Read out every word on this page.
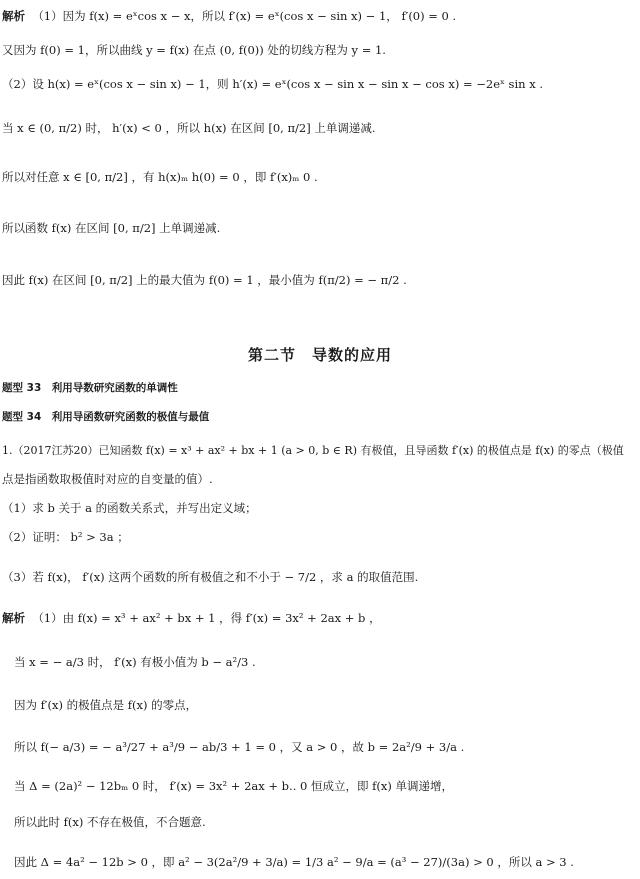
解析 （1）因为 f(x) = eˣcos x − x，所以 f′(x) = eˣ(cos x − sin x) − 1， f′(0) = 0 .
又因为 f(0) = 1，所以曲线 y = f(x) 在点 (0, f(0)) 处的切线方程为 y = 1.
（2）设 h(x) = eˣ(cos x − sin x) − 1，则 h′(x) = eˣ(cos x − sin x − sin x − cos x) = −2eˣ sin x .
当 x ∈ (0, π/2) 时， h′(x) < 0 ，所以 h(x) 在区间 [0, π/2] 上单调递减.
所以对任意 x ∈ [0, π/2] ，有 h(x)ₘ h(0) = 0 ，即 f′(x)ₘ 0 .
所以函数 f(x) 在区间 [0, π/2] 上单调递减.
因此 f(x) 在区间 [0, π/2] 上的最大值为 f(0) = 1 ，最小值为 f(π/2) = − π/2 .
第二节　导数的应用
题型 33　利用导数研究函数的单调性
题型 34　利用导函数研究函数的极值与最值
1.（2017江苏20）已知函数 f(x) = x³ + ax² + bx + 1 (a > 0, b ∈ R) 有极值，且导函数 f′(x) 的极值点是 f(x) 的零点（极值
点是指函数取极值时对应的自变量的值）.
（1）求 b 关于 a 的函数关系式，并写出定义域；
（2）证明： b² > 3a ；
（3）若 f(x)， f′(x) 这两个函数的所有极值之和不小于 − 7/2 ，求 a 的取值范围.
解析 （1）由 f(x) = x³ + ax² + bx + 1 ，得 f′(x) = 3x² + 2ax + b ，
当 x = − a/3 时， f′(x) 有极小值为 b − a²/3 .
因为 f′(x) 的极值点是 f(x) 的零点，
所以 f(− a/3) = − a³/27 + a³/9 − ab/3 + 1 = 0 ，又 a > 0 ，故 b = 2a²/9 + 3/a .
当 Δ = (2a)² − 12bₘ 0 时， f′(x) = 3x² + 2ax + b.. 0 恒成立，即 f(x) 单调递增，
所以此时 f(x) 不存在极值，不合题意.
因此 Δ = 4a² − 12b > 0 ，即 a² − 3(2a²/9 + 3/a) = 1/3 a² − 9/a = (a³ − 27)/(3a) > 0 ，所以 a > 3 .
